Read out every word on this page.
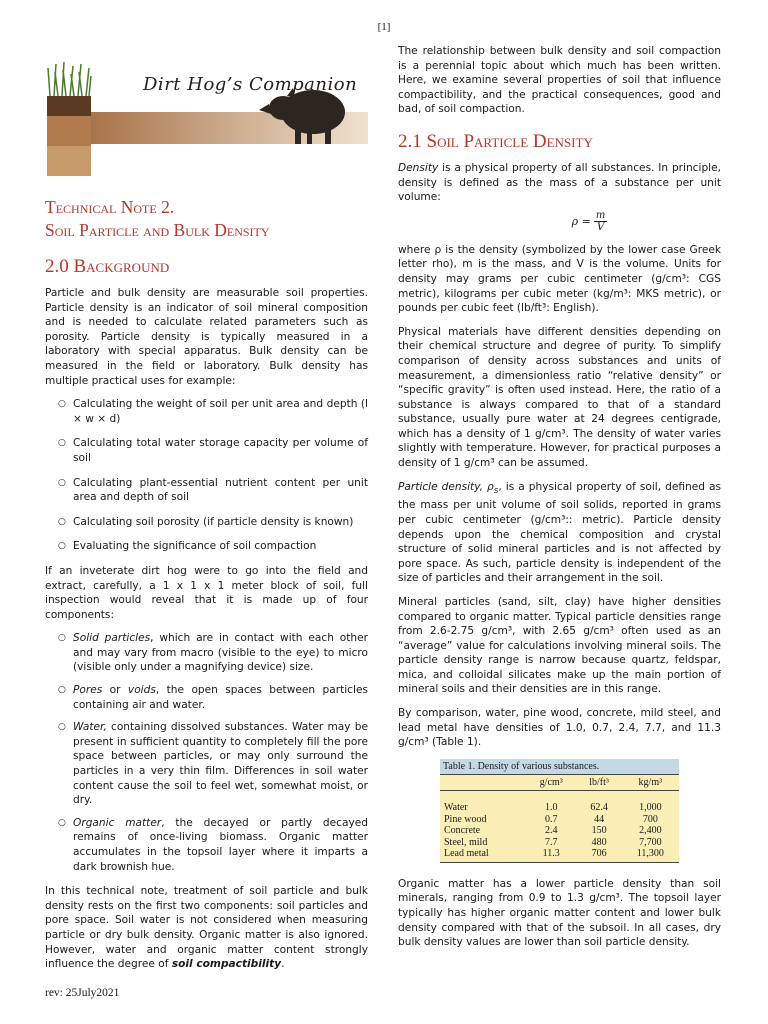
[1]
Dirt Hog’s Companion
Technical Note 2.
Soil Particle and Bulk Density
2.0 Background

Particle and bulk density are measurable soil properties. Particle density is an indicator of soil mineral composition and is needed to calculate related parameters such as porosity. Particle density is typically measured in a laboratory with special apparatus. Bulk density can be measured in the field or laboratory. Bulk density has multiple practical uses for example:

○ Calculating the weight of soil per unit area and depth (l × w × d)
○ Calculating total water storage capacity per volume of soil
○ Calculating plant-essential nutrient content per unit area and depth of soil
○ Calculating soil porosity (if particle density is known)
○ Evaluating the significance of soil compaction

If an inveterate dirt hog were to go into the field and extract, carefully, a 1 x 1 x 1 meter block of soil, full inspection would reveal that it is made up of four components:

○ Solid particles, which are in contact with each other and may vary from macro (visible to the eye) to micro (visible only under a magnifying device) size.
○ Pores or voids, the open spaces between particles containing air and water.
○ Water, containing dissolved substances. Water may be present in sufficient quantity to completely fill the pore space between particles, or may only surround the particles in a very thin film. Differences in soil water content cause the soil to feel wet, somewhat moist, or dry.
○ Organic matter, the decayed or partly decayed remains of once-living biomass. Organic matter accumulates in the topsoil layer where it imparts a dark brownish hue.

In this technical note, treatment of soil particle and bulk density rests on the first two components: soil particles and pore space. Soil water is not considered when measuring particle or dry bulk density. Organic matter is also ignored. However, water and organic matter content strongly influence the degree of soil compactibility.

The relationship between bulk density and soil compaction is a perennial topic about which much has been written. Here, we examine several properties of soil that influence compactibility, and the practical consequences, good and bad, of soil compaction.

2.1 Soil Particle Density

Density is a physical property of all substances. In principle, density is defined as the mass of a substance per unit volume:

$\rho = \frac{m}{V}$

where ρ is the density (symbolized by the lower case Greek letter rho), m is the mass, and V is the volume. Units for density may grams per cubic centimeter (g/cm³: CGS metric), kilograms per cubic meter (kg/m³: MKS metric), or pounds per cubic feet (lb/ft³: English).

Physical materials have different densities depending on their chemical structure and degree of purity. To simplify comparison of density across substances and units of measurement, a dimensionless ratio “relative density” or “specific gravity” is often used instead. Here, the ratio of a substance is always compared to that of a standard substance, usually pure water at 24 degrees centigrade, which has a density of 1 g/cm³. The density of water varies slightly with temperature. However, for practical purposes a density of 1 g/cm³ can be assumed.

Particle density, $\rho_s$, is a physical property of soil, defined as the mass per unit volume of soil solids, reported in grams per cubic centimeter (g/cm³:: metric). Particle density depends upon the chemical composition and crystal structure of solid mineral particles and is not affected by pore space. As such, particle density is independent of the size of particles and their arrangement in the soil.

Mineral particles (sand, silt, clay) have higher densities compared to organic matter. Typical particle densities range from 2.6-2.75 g/cm³, with 2.65 g/cm³ often used as an “average” value for calculations involving mineral soils. The particle density range is narrow because quartz, feldspar, mica, and colloidal silicates make up the main portion of mineral soils and their densities are in this range.

By comparison, water, pine wood, concrete, mild steel, and lead metal have densities of 1.0, 0.7, 2.4, 7.7, and 11.3 g/cm³ (Table 1).

Table 1. Density of various substances.
	g/cm³	lb/ft³	kg/m³

Water	1.0	62.4	1,000
Pine wood	0.7	44	700
Concrete	2.4	150	2,400
Steel, mild	7.7	480	7,700
Lead metal	11.3	706	11,300

Organic matter has a lower particle density than soil minerals, ranging from 0.9 to 1.3 g/cm³. The topsoil layer typically has higher organic matter content and lower bulk density compared with that of the subsoil. In all cases, dry bulk density values are lower than soil particle density.

rev: 25July2021
